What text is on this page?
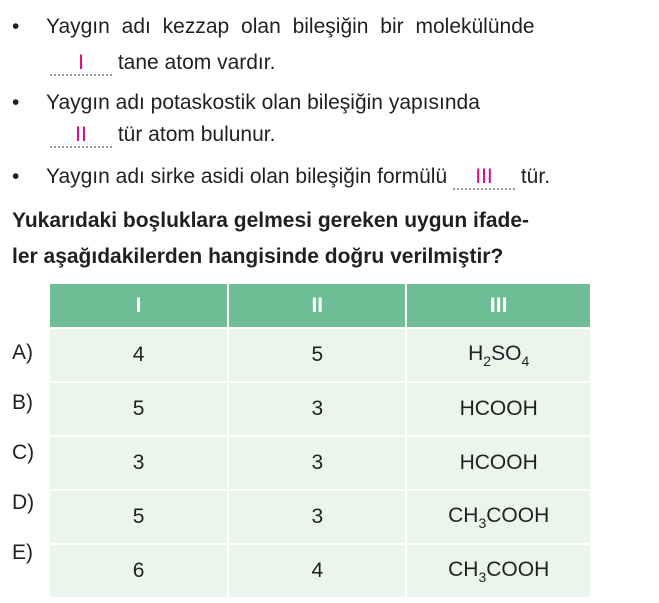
• Yaygın adı kezzap olan bileşiğin bir molekülünde
I tane atom vardır.
• Yaygın adı potaskostik olan bileşiğin yapısında
II tür atom bulunur.
• Yaygın adı sirke asidi olan bileşiğin formülü III tür.
Yukarıdaki boşluklara gelmesi gereken uygun ifade-
ler aşağıdakilerden hangisinde doğru verilmiştir?
A)
B)
C)
D)
E)
I	II	III
4	5	$H_2SO_4$
5	3	HCOOH
3	3	HCOOH
5	3	$CH_3COOH$
6	4	$CH_3COOH$
